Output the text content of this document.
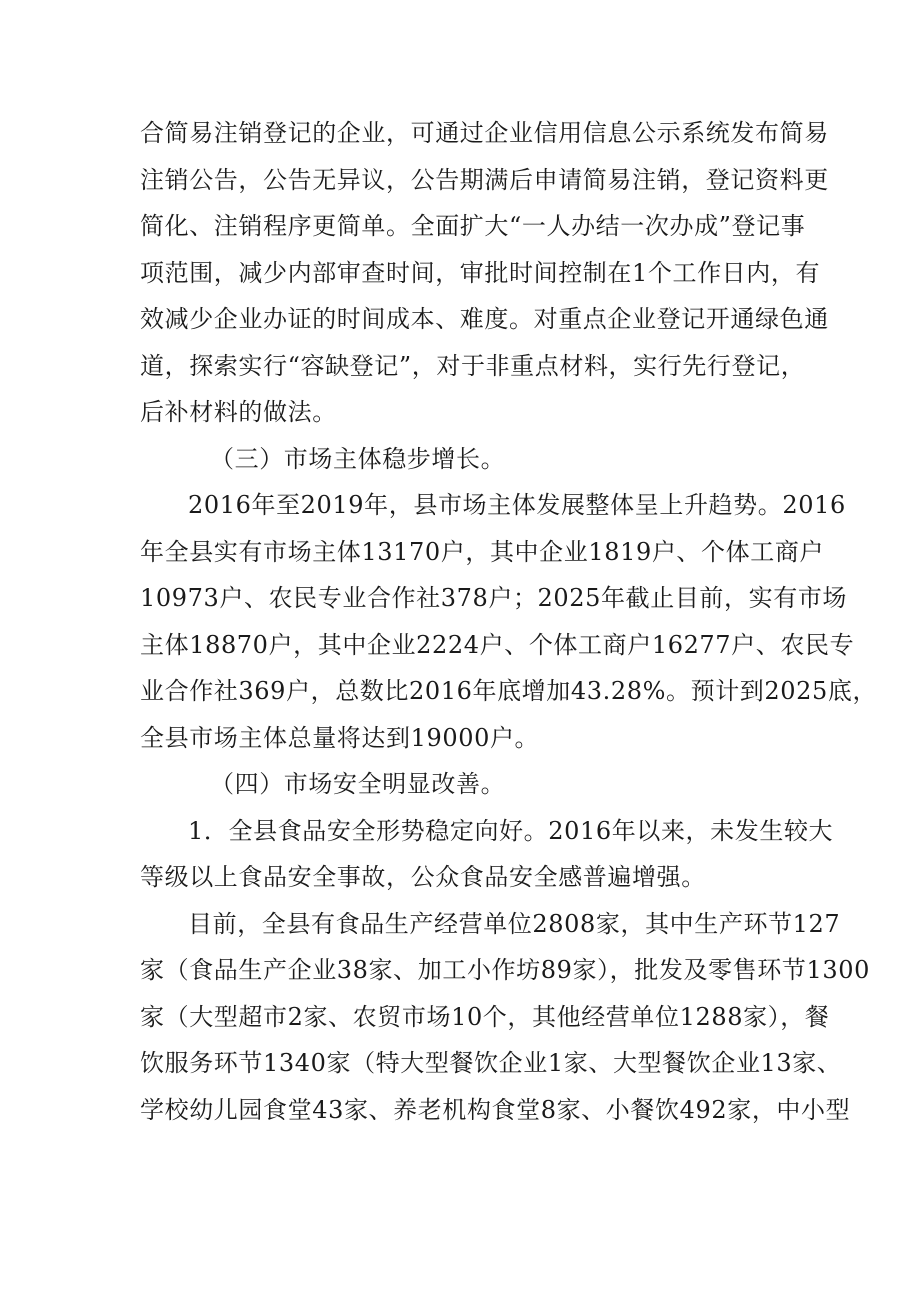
合简易注销登记的企业，可通过企业信用信息公示系统发布简易
注销公告，公告无异议，公告期满后申请简易注销，登记资料更
简化、注销程序更简单。全面扩大“一人办结一次办成”登记事
项范围，减少内部审查时间，审批时间控制在1个工作日内，有
效减少企业办证的时间成本、难度。对重点企业登记开通绿色通
道，探索实行“容缺登记”，对于非重点材料，实行先行登记，
后补材料的做法。
（三）市场主体稳步增长。
2016年至2019年，县市场主体发展整体呈上升趋势。2016
年全县实有市场主体13170户，其中企业1819户、个体工商户
10973户、农民专业合作社378户；2025年截止目前，实有市场
主体18870户，其中企业2224户、个体工商户16277户、农民专
业合作社369户，总数比2016年底增加43.28%。预计到2025底，
全县市场主体总量将达到19000户。
（四）市场安全明显改善。
1．全县食品安全形势稳定向好。2016年以来，未发生较大
等级以上食品安全事故，公众食品安全感普遍增强。
目前，全县有食品生产经营单位2808家，其中生产环节127
家（食品生产企业38家、加工小作坊89家），批发及零售环节1300
家（大型超市2家、农贸市场10个，其他经营单位1288家），餐
饮服务环节1340家（特大型餐饮企业1家、大型餐饮企业13家、
学校幼儿园食堂43家、养老机构食堂8家、小餐饮492家，中小型
